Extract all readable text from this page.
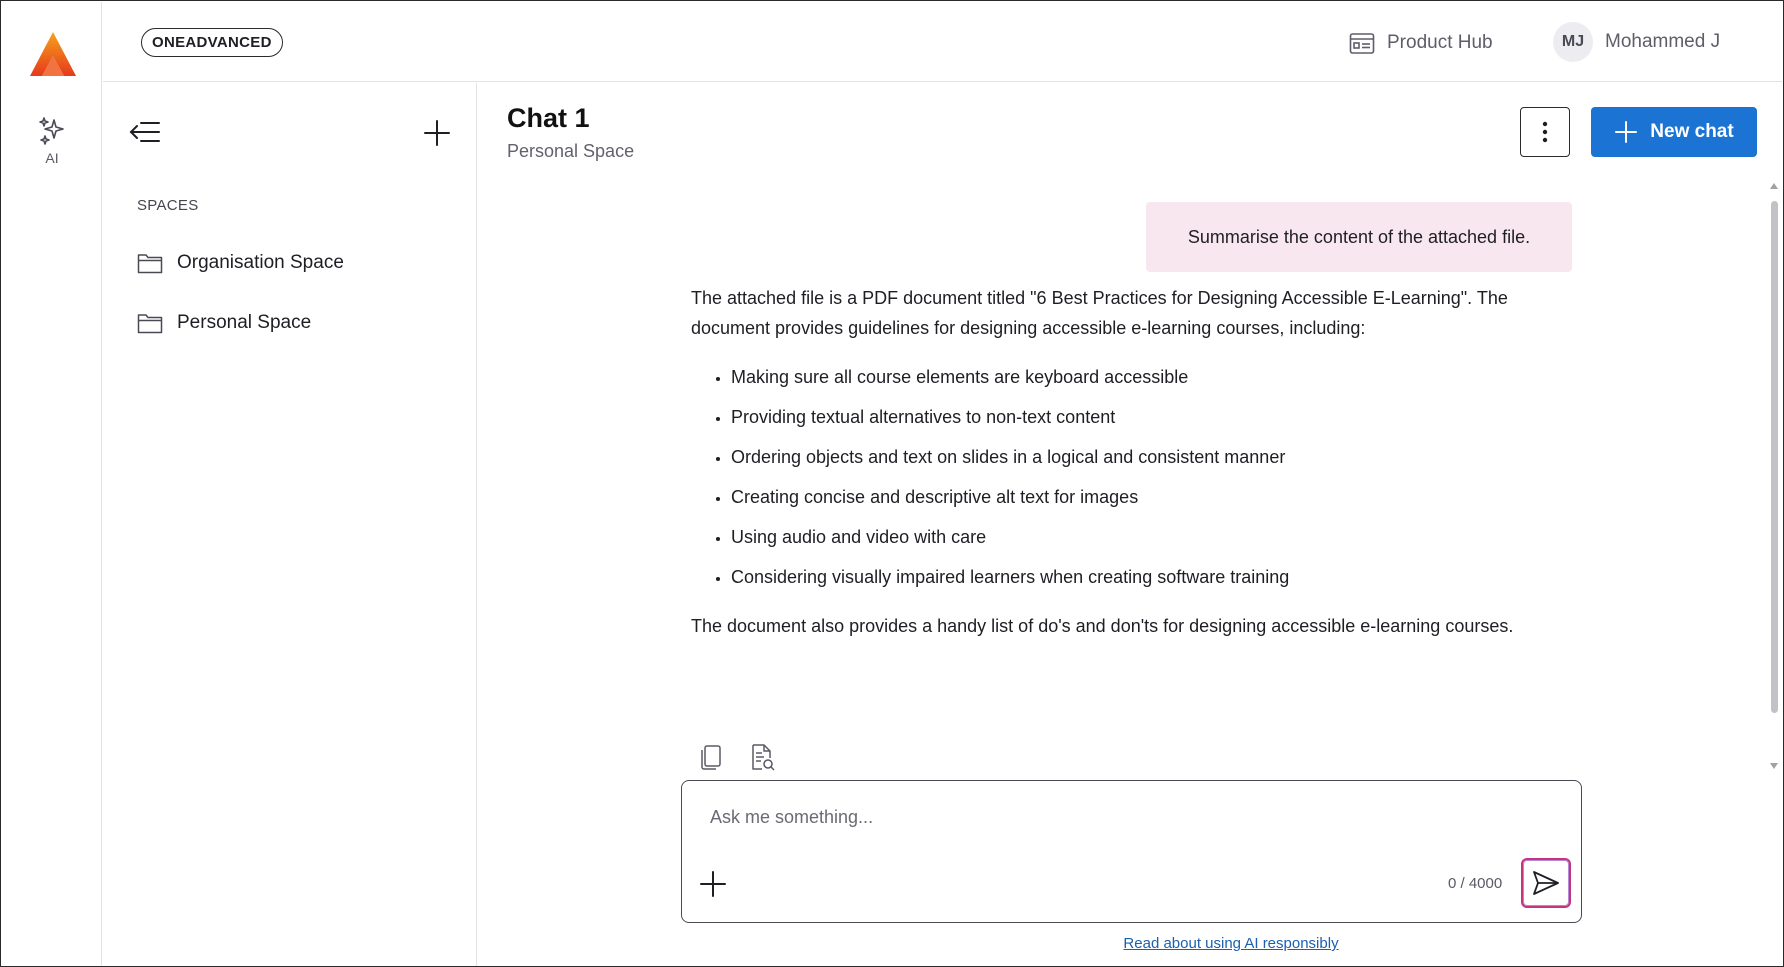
AI
ONEADVANCED	Product Hub	MJ	Mohammed J
SPACES
Organisation Space
Personal Space
Chat 1
Personal Space
New chat
Summarise the content of the attached file.

The attached file is a PDF document titled "6 Best Practices for Designing Accessible E-Learning". The document provides guidelines for designing accessible e-learning courses, including:

• Making sure all course elements are keyboard accessible
• Providing textual alternatives to non-text content
• Ordering objects and text on slides in a logical and consistent manner
• Creating concise and descriptive alt text for images
• Using audio and video with care
• Considering visually impaired learners when creating software training

The document also provides a handy list of do's and don'ts for designing accessible e-learning courses.

Ask me something...
0 / 4000
Read about using AI responsibly
